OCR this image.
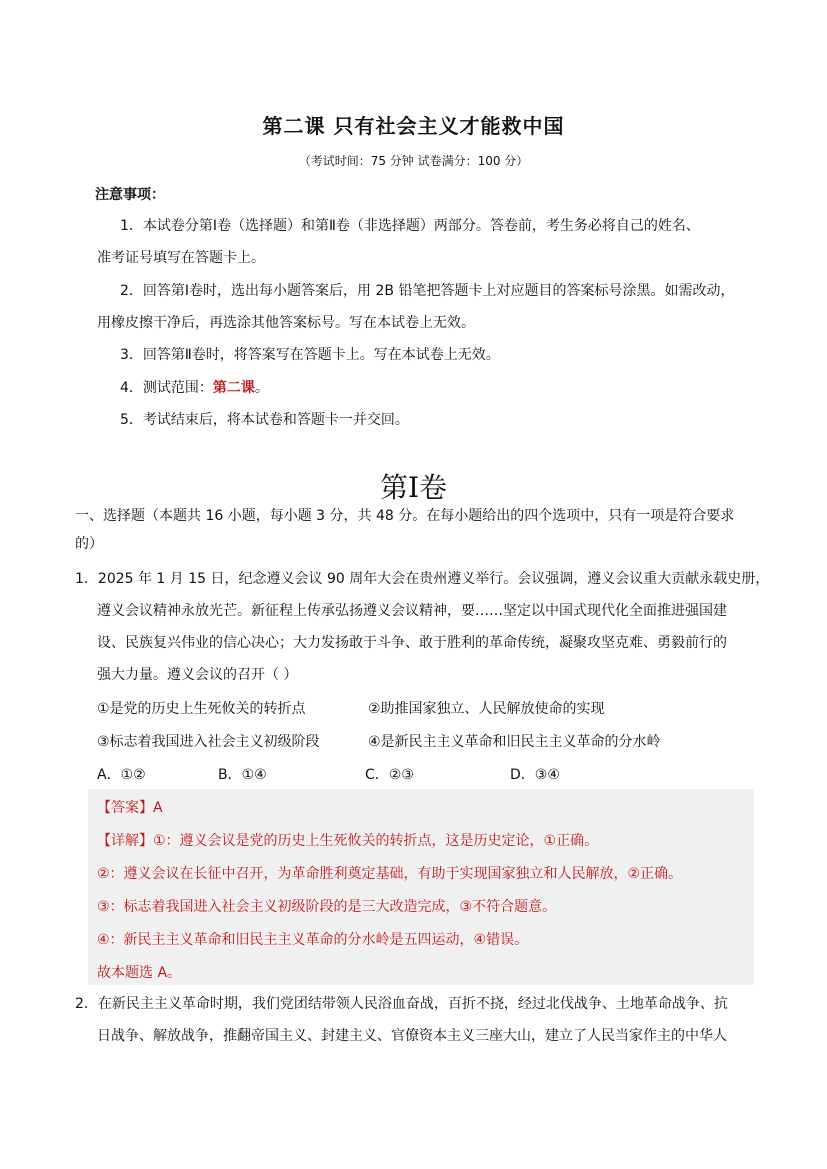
第二课 只有社会主义才能救中国
（考试时间：75 分钟 试卷满分：100 分）
注意事项：
1．本试卷分第Ⅰ卷（选择题）和第Ⅱ卷（非选择题）两部分。答卷前，考生务必将自己的姓名、
准考证号填写在答题卡上。
2．回答第Ⅰ卷时，选出每小题答案后，用 2B 铅笔把答题卡上对应题目的答案标号涂黑。如需改动，
用橡皮擦干净后，再选涂其他答案标号。写在本试卷上无效。
3．回答第Ⅱ卷时，将答案写在答题卡上。写在本试卷上无效。
4．测试范围：第二课。
5．考试结束后，将本试卷和答题卡一并交回。
第I卷
一、选择题（本题共 16 小题，每小题 3 分，共 48 分。在每小题给出的四个选项中，只有一项是符合要求
的）
1．2025 年 1 月 15 日，纪念遵义会议 90 周年大会在贵州遵义举行。会议强调，遵义会议重大贡献永载史册，
遵义会议精神永放光芒。新征程上传承弘扬遵义会议精神，要……坚定以中国式现代化全面推进强国建
设、民族复兴伟业的信心决心；大力发扬敢于斗争、敢于胜利的革命传统，凝聚攻坚克难、勇毅前行的
强大力量。遵义会议的召开（ ）
①是党的历史上生死攸关的转折点	②助推国家独立、人民解放使命的实现
③标志着我国进入社会主义初级阶段	④是新民主主义革命和旧民主主义革命的分水岭
A．①②	B．①④	C．②③	D．③④
【答案】A
【详解】①：遵义会议是党的历史上生死攸关的转折点，这是历史定论，①正确。
②：遵义会议在长征中召开，为革命胜利奠定基础，有助于实现国家独立和人民解放，②正确。
③：标志着我国进入社会主义初级阶段的是三大改造完成，③不符合题意。
④：新民主主义革命和旧民主主义革命的分水岭是五四运动，④错误。
故本题选 A。
2．在新民主主义革命时期，我们党团结带领人民浴血奋战，百折不挠，经过北伐战争、土地革命战争、抗
日战争、解放战争，推翻帝国主义、封建主义、官僚资本主义三座大山，建立了人民当家作主的中华人
